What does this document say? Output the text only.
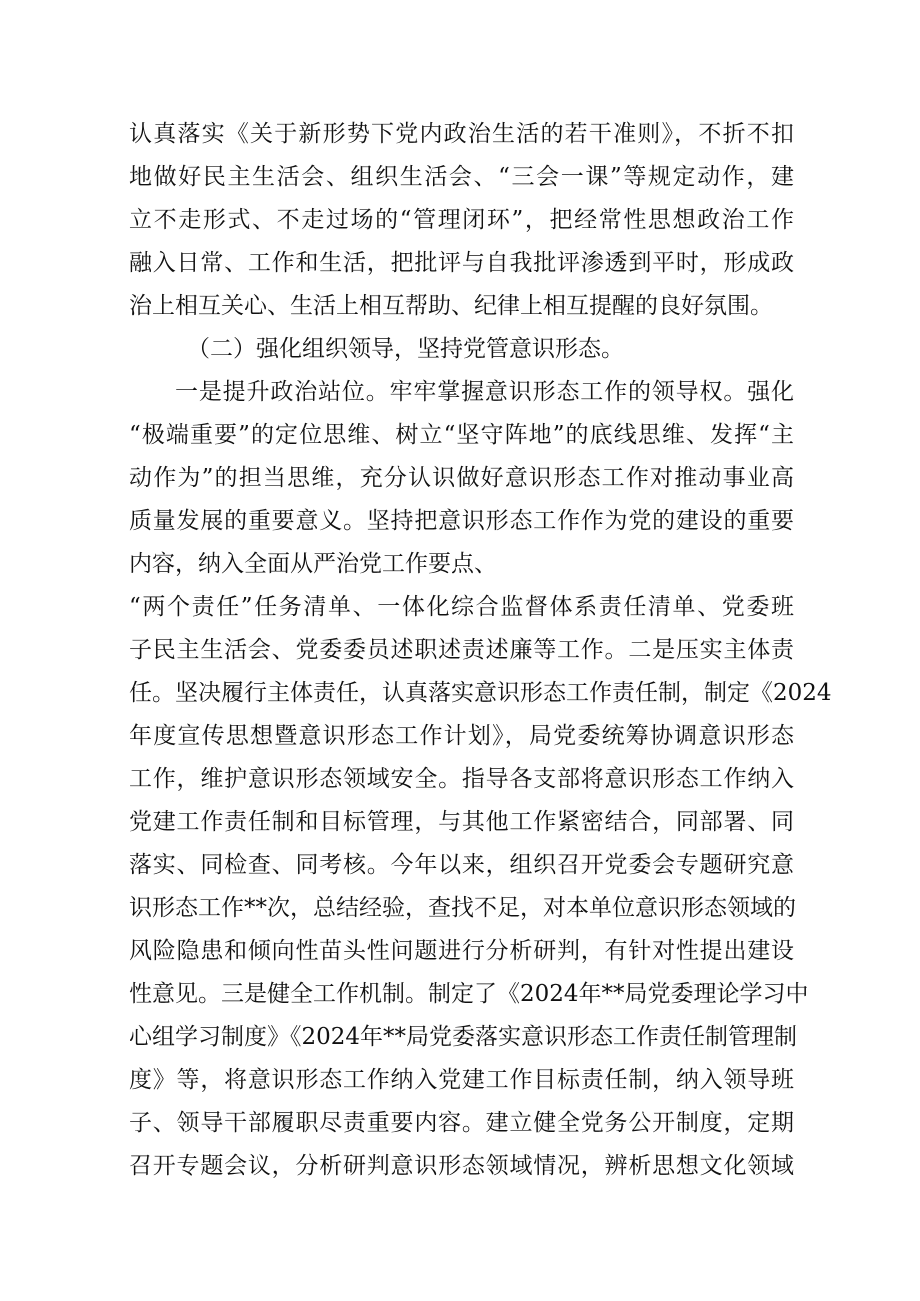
认真落实《关于新形势下党内政治生活的若干准则》，不折不扣
地做好民主生活会、组织生活会、“三会一课”等规定动作，建
立不走形式、不走过场的“管理闭环”，把经常性思想政治工作
融入日常、工作和生活，把批评与自我批评渗透到平时，形成政
治上相互关心、生活上相互帮助、纪律上相互提醒的良好氛围。
（二）强化组织领导，坚持党管意识形态。
一是提升政治站位。牢牢掌握意识形态工作的领导权。强化
“极端重要”的定位思维、树立“坚守阵地”的底线思维、发挥“主
动作为”的担当思维，充分认识做好意识形态工作对推动事业高
质量发展的重要意义。坚持把意识形态工作作为党的建设的重要
内容，纳入全面从严治党工作要点、
“两个责任”任务清单、一体化综合监督体系责任清单、党委班
子民主生活会、党委委员述职述责述廉等工作。二是压实主体责
任。坚决履行主体责任，认真落实意识形态工作责任制，制定《2024
年度宣传思想暨意识形态工作计划》，局党委统筹协调意识形态
工作，维护意识形态领域安全。指导各支部将意识形态工作纳入
党建工作责任制和目标管理，与其他工作紧密结合，同部署、同
落实、同检查、同考核。今年以来，组织召开党委会专题研究意
识形态工作**次，总结经验，查找不足，对本单位意识形态领域的
风险隐患和倾向性苗头性问题进行分析研判，有针对性提出建设
性意见。三是健全工作机制。制定了《2024年**局党委理论学习中
心组学习制度》《2024年**局党委落实意识形态工作责任制管理制
度》等，将意识形态工作纳入党建工作目标责任制，纳入领导班
子、领导干部履职尽责重要内容。建立健全党务公开制度，定期
召开专题会议，分析研判意识形态领域情况，辨析思想文化领域
